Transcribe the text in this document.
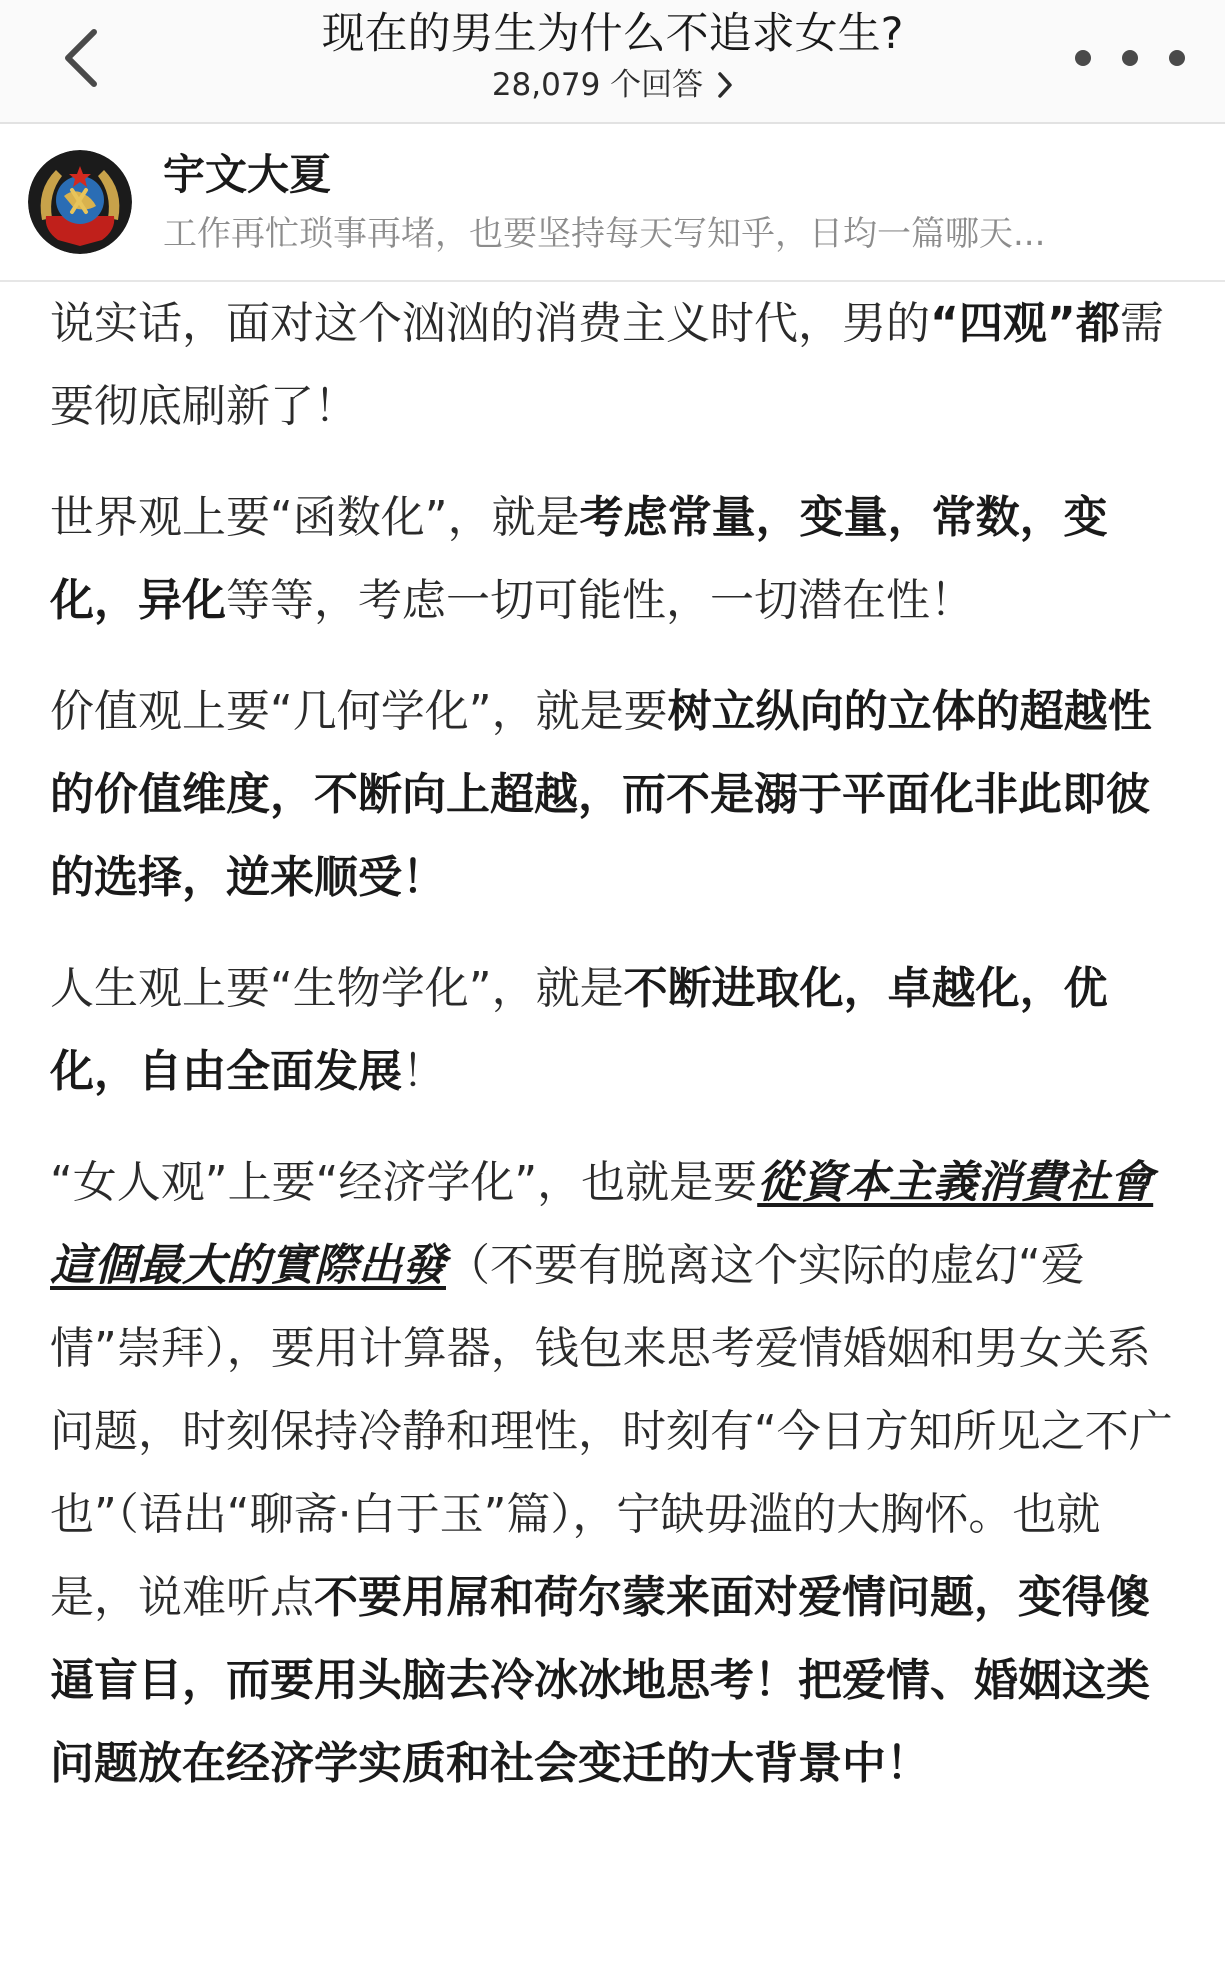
现在的男生为什么不追求女生?
28,079 个回答
宇文大夏
工作再忙琐事再堵，也要坚持每天写知乎，日均一篇哪天...

说实话，面对这个汹汹的消费主义时代，男的“四观”都需要彻底刷新了！

世界观上要“函数化”，就是考虑常量，变量，常数，变化，异化等等，考虑一切可能性，一切潜在性！

价值观上要“几何学化”，就是要树立纵向的立体的超越性的价值维度，不断向上超越，而不是溺于平面化非此即彼的选择，逆来顺受！

人生观上要“生物学化”，就是不断进取化，卓越化，优化，自由全面发展！

“女人观”上要“经济学化”，也就是要從資本主義消費社會這個最大的實際出發（不要有脱离这个实际的虚幻“爱情”崇拜），要用计算器，钱包来思考爱情婚姻和男女关系问题，时刻保持冷静和理性，时刻有“今日方知所见之不广也”（语出“聊斋·白于玉”篇），宁缺毋滥的大胸怀。也就是，说难听点不要用屌和荷尔蒙来面对爱情问题，变得傻逼盲目，而要用头脑去冷冰冰地思考！把爱情、婚姻这类问题放在经济学实质和社会变迁的大背景中！
